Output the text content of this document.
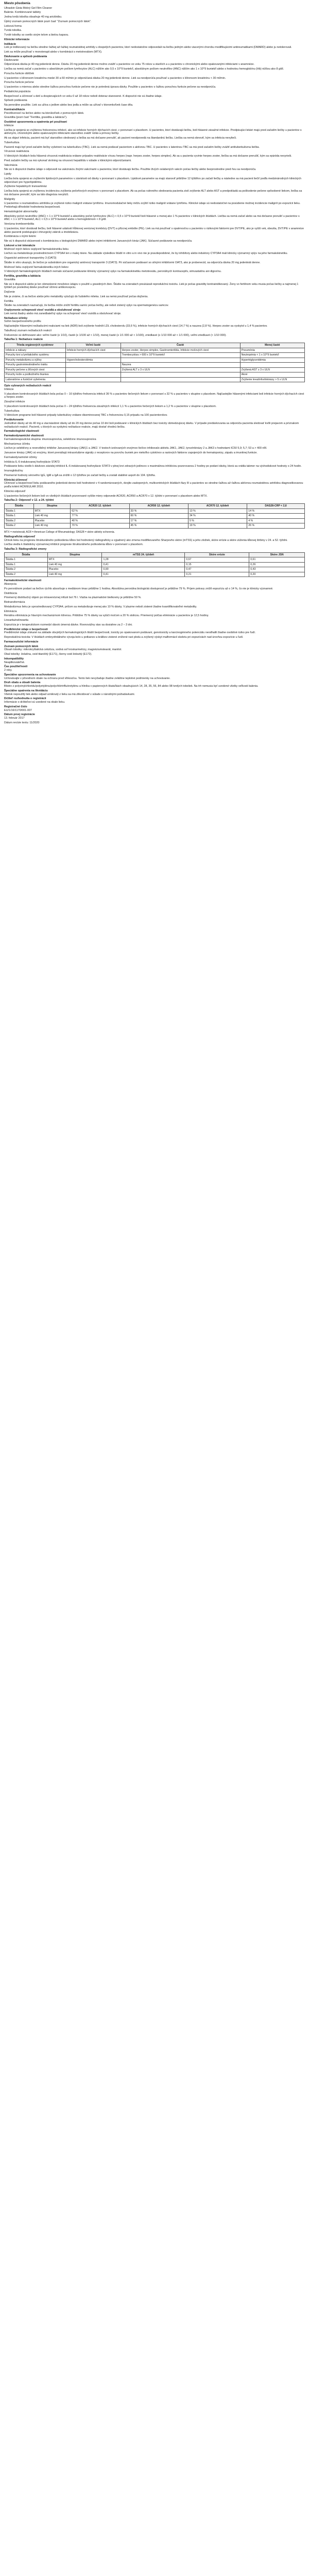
Miesto pôsobenia

Ultraskin Gioia Mokrý Gel Film Cleaner

Balenie. Kombinované tablety

Jedna tvrdá tobolka obsahuje 40 mg aricitinibu.

Úplný zoznam pomocných látok pozri časť "Zoznam pomocných látok".

Lieková forma

Tvrdá tobolka.

Tvrdé tobolky so svetlo sivým telom a bielou kapsou.

Klinické informácie
Indikácie

Liek je indikovaný na liečbu stredne ťažkej až ťažkej reumatoidnej artritídy u dospelých pacientov, ktorí nedostatočne odpovedali na liečbu jedným alebo viacerými chorobu modifikujúcimi antireumatikami (DMARD) alebo ju netolerovali.

Liek sa môže používať v monoterapii alebo v kombinácii s metotrexátom (MTX).

Dávkovanie a spôsob podávania

Dávkovanie

Odporúčaná dávka je 40 mg jedenkrát denne. Dávku 20 mg jedenkrát denne možno zvážiť u pacientov vo veku 75 rokov a starších a u pacientov s chronickými alebo opakovanými infekciami v anamnéze.

Liečba sa nemá začať u pacientov s absolútnym počtom lymfocytov (ALC) nižším ako 0,5 x 10^9 buniek/l, absolútnym počtom neutrofilov (ANC) nižším ako 1 x 10^9 buniek/l alebo s hodnotou hemoglobínu (Hb) nižšou ako 8 g/dl.

Porucha funkcie obličiek

U pacientov s klírensom kreatinínu medzi 30 a 60 ml/min je odporúčaná dávka 20 mg jedenkrát denne. Liek sa neodporúča používať u pacientov s klírensom kreatinínu < 30 ml/min.

Porucha funkcie pečene

U pacientov s miernou alebo stredne ťažkou poruchou funkcie pečene nie je potrebná úprava dávky. Použitie u pacientov s ťažkou poruchou funkcie pečene sa neodporúča.

Pediatrická populácia

Bezpečnosť a účinnosť u detí a dospievajúcich vo veku 0 až 18 rokov neboli doteraz stanovené. K dispozícii nie sú žiadne údaje.

Spôsob podávania

Na perorálne použitie. Liek sa užíva s jedlom alebo bez jedla a môže sa užívať v ktoromkoľvek čase dňa.

Kontraindikácie

Precitlivenosť na liečivo alebo na ktorúkoľvek z pomocných látok.

Gravidita (pozri časť "Fertilita, gravidita a laktácia").

Osobitné upozornenia a opatrenia pri používaní

Infekcie

Liečba je spojená so zvýšenou frekvenciou infekcií, ako sú infekcie horných dýchacích ciest, v porovnaní s placebom. U pacientov, ktorí dostávajú liečbu, boli hlásené závažné infekcie. Predpisujúci lekári majú pred začatím liečby u pacientov s aktívnymi, chronickými alebo opakovanými infekciami starostlivo zvážiť riziká a prínosy liečby.

Ak sa objaví infekcia, pacient má byť starostlivo sledovaný a liečba sa má dočasne prerušiť, ak pacient neodpovedá na štandardnú liečbu. Liečba sa nemá obnoviť, kým sa infekcia nevylieči.

Tuberkulóza

Pacienti majú byť pred začatím liečby vyšetrení na tuberkulózu (TBC). Liek sa nemá podávať pacientom s aktívnou TBC. U pacientov s latentnou TBC sa má pred začatím liečby zvážiť antituberkulózna liečba.

Vírusová reaktivácia

V klinických štúdiách bola hlásená vírusová reaktivácia vrátane prípadov reaktivácie vírusu herpes (napr. herpes zoster, herpes simplex). Ak sa u pacienta vyvinie herpes zoster, liečba sa má dočasne prerušiť, kým sa epizóda nevyrieši.

Pred začatím liečby sa má vykonať skríning na vírusovú hepatitídu v súlade s klinickými odporúčaniami.

Vakcinácia

Nie sú k dispozícii žiadne údaje o odpovedi na vakcináciu živými vakcínami u pacientov, ktorí dostávajú liečbu. Použitie živých oslabených vakcín počas liečby alebo bezprostredne pred ňou sa neodporúča.

Lipidy

Liečba bola spojená so zvýšením lipidových parametrov v závislosti od dávky v porovnaní s placebom. Lipidové parametre sa majú stanoviť približne 12 týždňov po začatí liečby a následne sa má pacient liečiť podľa medzinárodných klinických odporúčaní pre hyperlipidémiu.

Zvýšenie hepatálnych transamináz

Liečba bola spojená so zvýšenou incidenciou zvýšenia pečeňových enzýmov v porovnaní s placebom. Ak sa počas rutinného sledovania pacienta zistí zvýšenie ALT alebo AST a predpokladá sa poškodenie pečene spôsobené liekom, liečba sa má dočasne prerušiť, kým sa táto diagnóza nevylúči.

Malignity

U pacientov s reumatoidnou artritídou je zvýšené riziko malignít vrátane lymfómu. Imunomodulačné lieky môžu zvýšiť riziko malignít vrátane lymfómu. Klinické údaje sú nedostatočné na posúdenie možnej incidencie malignít po expozícii lieku. Prebiehajú dlhodobé hodnotenia bezpečnosti.

Hematologické abnormality

Absolútny počet neutrofilov (ANC) < 1 x 10^9 buniek/l a absolútny počet lymfocytov (ALC) < 0,5 x 10^9 buniek/l boli hlásené u menej ako 1 % pacientov v klinických štúdiách. Liečba sa nemá začať alebo sa má dočasne prerušiť u pacientov s ANC < 1 x 10^9 buniek/l, ALC < 0,5 x 10^9 buniek/l alebo s hemoglobínom < 8 g/dl.

Venózna tromboembólia

U pacientov, ktorí dostávali liečbu, boli hlásené udalosti hĺbkovej venóznej trombózy (DVT) a pľúcnej embólie (PE). Liek sa má používať s opatrnosťou u pacientov s rizikovými faktormi pre DVT/PE, ako je vyšší vek, obezita, DVT/PE v anamnéze alebo pacienti podstupujúci chirurgický zákrok a imobilizáciu.

Kombinácia s inými liekmi

Nie sú k dispozícii skúsenosti s kombináciou s biologickými DMARD alebo inými inhibítormi Janusových kináz (JAK). Súčasné podávanie sa neodporúča.

Liekové a iné interakcie

Možnosť iných liekov ovplyvniť farmakokinetiku lieku

Liečivo sa metabolizuje prostredníctvom CYP3A4 len v malej miere. Na základe výsledkov štúdií in vitro a in vivo nie je pravdepodobné, že by inhibítory alebo induktory CYP3A4 mali klinicky významný vplyv na jeho farmakokinetiku.

Organické aniónové transportéry 3 (OAT3)

Štúdie in vitro ukazujú, že liečivo je substrátom pre organický aniónový transportér 3 (OAT3). Pri súčasnom podávaní so silnými inhibítormi OAT3, ako je probenecid, sa odporúča dávka 20 mg jedenkrát denne.

Možnosť lieku ovplyvniť farmakokinetiku iných liekov

V klinických farmakologických štúdiách nemalo súčasné podávanie klinicky významný vplyv na farmakokinetiku metotrexátu, perorálnych kontraceptív, simvastatínu ani digoxínu.

Fertilita, gravidita a laktácia

Gravidita

Nie sú k dispozícii alebo je len obmedzené množstvo údajov o použití u gravidných žien. Štúdie na zvieratách preukázali reprodukčnú toxicitu. Liek je počas gravidity kontraindikovaný. Ženy vo fertilnom veku musia počas liečby a najmenej 1 týždeň po poslednej dávke používať účinnú antikoncepciu.

Dojčenie

Nie je známe, či sa liečivo alebo jeho metabolity vylučujú do ľudského mlieka. Liek sa nemá používať počas dojčenia.

Fertilita

Štúdie na zvieratách naznačujú, že liečba môže znížiť fertilitu samíc počas liečby, ale nebol zistený vplyv na spermatogenézu samcov.

Ovplyvnenie schopnosti viesť vozidlá a obsluhovať stroje

Liek nemá žiadny alebo má zanedbateľný vplyv na schopnosť viesť vozidlá a obsluhovať stroje.

Nežiaduce účinky

Súhrn bezpečnostného profilu

Najčastejšie hlásenými nežiaducimi reakciami na liek (ADR) boli zvýšenie hodnôt LDL cholesterolu (33,6 %), infekcie horných dýchacích ciest (14,7 %) a nauzea (2,8 %). Herpes zoster sa vyskytol u 1,4 % pacientov.

Tabuľkový zoznam nežiaducich reakcií

Frekvencie sú definované ako: veľmi časté (≥ 1/10), časté (≥ 1/100 až < 1/10), menej časté (≥ 1/1 000 až < 1/100), zriedkavé (≥ 1/10 000 až < 1/1 000), veľmi zriedkavé (< 1/10 000).

Tabuľka 1: Nežiaduce reakcie
Trieda orgánových systémov	Veľmi časté	Časté	Menej časté
Infekcie a nákazy	Infekcie horných dýchacích ciest	Herpes zoster, Herpes simplex, Gastroenteritída, Infekcie močových ciest	Pneumónia
Poruchy krvi a lymfatického systému		Trombocytóza > 600 x 10^9 buniek/l	Neutropénia < 1 x 10^9 buniek/l
Poruchy metabolizmu a výživy	Hypercholesterolémia		Hypertriglyceridémia
Poruchy gastrointestinálneho traktu		Nauzea	
Poruchy pečene a žlčových ciest		Zvýšená ALT ≥ 3 x ULN	Zvýšená AST ≥ 3 x ULN
Poruchy kože a podkožného tkaniva			Akné
Laboratórne a funkčné vyšetrenia			Zvýšenie kreatínfosfokinázy > 5 x ULN
Opis vybraných nežiaducich reakcií

Infekcie

V placebom kontrolovaných štúdiách bola počas 0 – 16 týždňov frekvencia infekcií 36 % u pacientov liečených liekom v porovnaní s 32 % u pacientov v skupine s placebom. Najčastejšie hlásenými infekciami boli infekcie horných dýchacích ciest a herpes zoster.

Závažné infekcie

V placebom kontrolovaných štúdiách bola počas 0 – 24 týždňov frekvencia závažných infekcií 1,1 % u pacientov liečených liekom a 1,2 % u pacientov v skupine s placebom.

Tuberkulóza

V klinickom programe boli hlásené prípady tuberkulózy vrátane diseminovanej TBC s frekvenciou 0,15 prípadu na 100 pacientorokov.

Predávkovanie

Jednotlivé dávky až do 40 mg a viacnásobné dávky až do 20 mg denne počas 10 dní boli podávané v klinických štúdiách bez toxicity obmedzujúcej dávku. V prípade predávkovania sa odporúča pacienta sledovať kvôli prejavom a príznakom nežiaducich reakcií. Pacienti, u ktorých sa vyskytnú nežiaduce reakcie, majú dostať vhodnú liečbu.

Farmakologické vlastnosti
Farmakodynamické vlastnosti

Farmakoterapeutická skupina: imunosupresíva, selektívne imunosupresíva

Mechanizmus účinku

Liečivo je selektívny a reverzibilný inhibítor Janusovej kinázy (JAK)1 a JAK2. V testoch izolovaných enzýmov liečivo inhibovalo aktivitu JAK1, JAK2, tyrozínkinázy 2 a JAK3 s hodnotami IC50 5,9; 5,7; 53 a > 400 nM.

Janusove kinázy (JAK) sú enzýmy, ktoré prenášajú intracelulárne signály z receptorov na povrchu buniek pre niekoľko cytokínov a rastových faktorov zapojených do hematopoézy, zápalu a imunitnej funkcie.

Farmakodynamické účinky

Inhibícia IL-6-indukovanej fosforylácie STAT3

Podávanie lieku viedlo k dávkovo závislej inhibícii IL-6-indukovanej fosforylácie STAT3 v plnej krvi zdravých jedincov s maximálnou inhibíciou pozorovanou 2 hodiny po podaní dávky, ktorá sa vrátila takmer na východiskové hodnoty o 24 hodín.

Imunoglobulíny

Priemerné hodnoty sérového IgG, IgM a IgA sa znížili o 12 týždňov po začatí liečby a zostali stabilné aspoň do 104. týždňa.

Klinická účinnosť

Účinnosť a bezpečnosť lieku podávaného jedenkrát denne boli hodnotené v 4 randomizovaných, dvojito zaslepených, multicentrických štúdiách fázy III u pacientov so stredne ťažkou až ťažkou aktívnou reumatoidnou artritídou diagnostikovanou podľa kritérií ACR/EULAR 2010.

Klinická odpoveď

U pacientov liečených liekom boli vo všetkých štúdiách pozorované vyššie miery odpovede ACR20, ACR50 a ACR70 v 12. týždni v porovnaní s placebom alebo MTX.

Tabuľka 2: Odpoveď v 12. a 24. týždni
Štúdia	Skupina	ACR20 12. týždeň	ACR50 12. týždeň	ACR70 12. týždeň	DAS28-CRP < 2,6
Štúdia 1	MTX	62 %	33 %	13 %	14 %
Štúdia 1	Liek 40 mg	77 %	60 %	34 %	40 %
Štúdia 2	Placebo	40 %	17 %	5 %	4 %
Štúdia 2	Liek 40 mg	70 %	45 %	19 %	26 %
MTX = metotrexát; ACR = American College of Rheumatology; DAS28 = skóre aktivity ochorenia.
Rádiografická odpoveď

Účinok lieku na progresiu štrukturálneho poškodenia kĺbov bol hodnotený rádiograficky a vyjadrený ako zmena modifikovaného Sharpovho skóre (mTSS) a jeho zložiek, skóre erózie a skóre zúženia kĺbovej štrbiny v 24. a 52. týždni.

Liečba viedla k štatisticky významnej inhibícii progresie štrukturálneho poškodenia kĺbov v porovnaní s placebom.

Tabuľka 3: Rádiografické zmeny
Štúdia	Skupina	mTSS 24. týždeň	Skóre erózie	Skóre JSN
Štúdia 1	MTX	1,28	0,67	0,61
Štúdia 1	Liek 40 mg	0,41	0,15	0,26
Štúdia 2	Placebo	0,90	0,47	0,43
Štúdia 2	Liek 40 mg	0,41	0,21	0,20
Farmakokinetické vlastnosti

Absorpcia

Po perorálnom podaní sa liečivo rýchlo absorbuje s mediánom tmax približne 1 hodina. Absolútna perorálna biologická dostupnosť je približne 79 %. Príjem potravy znížil expozíciu až o 14 %, čo nie je klinicky významné.

Distribúcia

Priemerný distribučný objem po intravenóznej infúzii bol 76 l. Väzba na plazmatické bielkoviny je približne 50 %.

Biotransformácia

Metabolizmus lieku je sprostredkovaný CYP3A4, pričom sa metabolizuje menej ako 10 % dávky. V plazme neboli zistené žiadne kvantifikovateľné metabolity.

Eliminácia

Renálna eliminácia je hlavným mechanizmom klírensu. Približne 75 % dávky sa vylúči močom a 20 % stolicou. Priemerný polčas eliminácie u pacientov je 12,5 hodiny.

Linearita/nelinearita

Expozícia je v terapeutickom rozmedzí dávok úmerná dávke. Rovnovážny stav sa dosiahne za 2 – 3 dni.

Predklinické údaje o bezpečnosti

Predklinické údaje získané na základe obvyklých farmakologických štúdií bezpečnosti, toxicity po opakovanom podávaní, genotoxicity a karcinogénneho potenciálu neodhalili žiadne osobitné riziko pre ľudí.

Reprodukčná toxicita: V štúdiách embryofetálneho vývoja bolo u potkanov a králikov zistené znížené rast plodu a zvýšený výskyt malformácií skeletu pri expozíciách nad úrovňou expozície u ľudí.

Farmaceutické informácie
Zoznam pomocných látok

Obsah tobolky: mikrokryštalická celulóza, sodná soľ kroskarmelózy, magnéziumstearát, manitol.

Obal tobolky: želatína, oxid titaničitý (E171), čierny oxid železitý (E172).

Inkompatibility

Neaplikovateľné.

Čas použiteľnosti

2 roky.

Špeciálne upozornenia na uchovávanie

Uchovávajte v pôvodnom obale na ochranu pred vlhkosťou. Tento liek nevyžaduje žiadne zvláštne teplotné podmienky na uchovávanie.

Druh obalu a obsah balenia

Blistre z polyvinylchloridu/polyetylénu/polychlórtrifluóretylénu a hliníka v papierových škatuľkách obsahujúcich 14, 28, 35, 56, 84 alebo 98 tvrdých toboliek. Na trh nemusia byť uvedené všetky veľkosti balenia.

Špeciálne opatrenia na likvidáciu

Všetok nepoužitý liek alebo odpad vzniknutý z lieku sa má zlikvidovať v súlade s národnými požiadavkami.

Držiteľ rozhodnutia o registrácii

Informácie o držiteľovi sú uvedené na obale lieku.

Registračné číslo

EU/1/16/1170/001-007

Dátum prvej registrácie

13. február 2017

Dátum revízie textu: 11/2020
